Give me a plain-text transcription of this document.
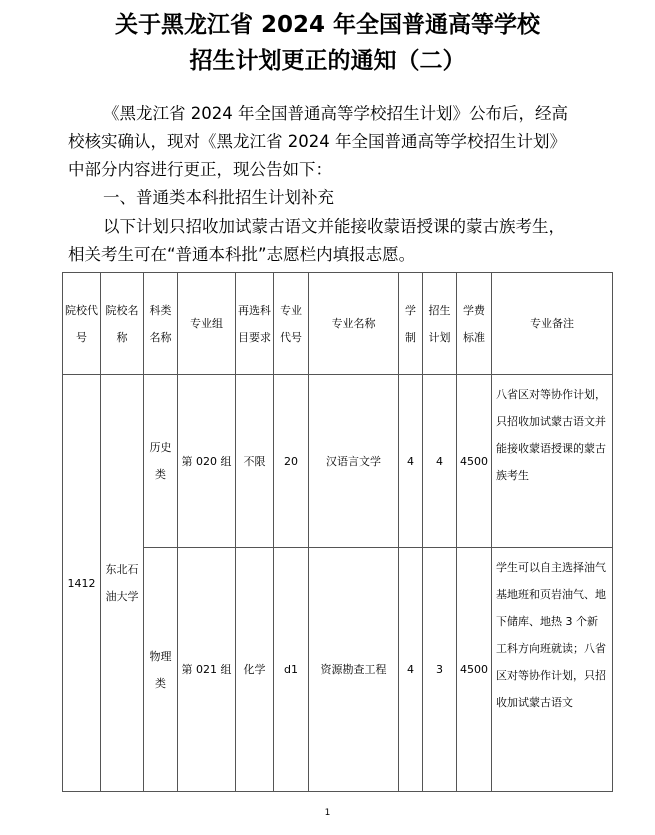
关于黑龙江省 2024 年全国普通高等学校
招生计划更正的通知（二）
《黑龙江省 2024 年全国普通高等学校招生计划》公布后，经高
校核实确认，现对《黑龙江省 2024 年全国普通高等学校招生计划》
中部分内容进行更正，现公告如下：
一、普通类本科批招生计划补充
以下计划只招收加试蒙古语文并能接收蒙语授课的蒙古族考生，
相关考生可在“普通本科批”志愿栏内填报志愿。
院校代号	院校名称	科类名称	专业组	再选科目要求	专业代号	专业名称	学制	招生计划	学费标准	专业备注
1412	东北石油大学	历史类	第 020 组	不限	20	汉语言文学	4	4	4500	八省区对等协作计划，只招收加试蒙古语文并能接收蒙语授课的蒙古族考生
		物理类	第 021 组	化学	d1	资源勘查工程	4	3	4500	学生可以自主选择油气基地班和页岩油气、地下储库、地热 3 个新工科方向班就读；八省区对等协作计划，只招收加试蒙古语文
1
